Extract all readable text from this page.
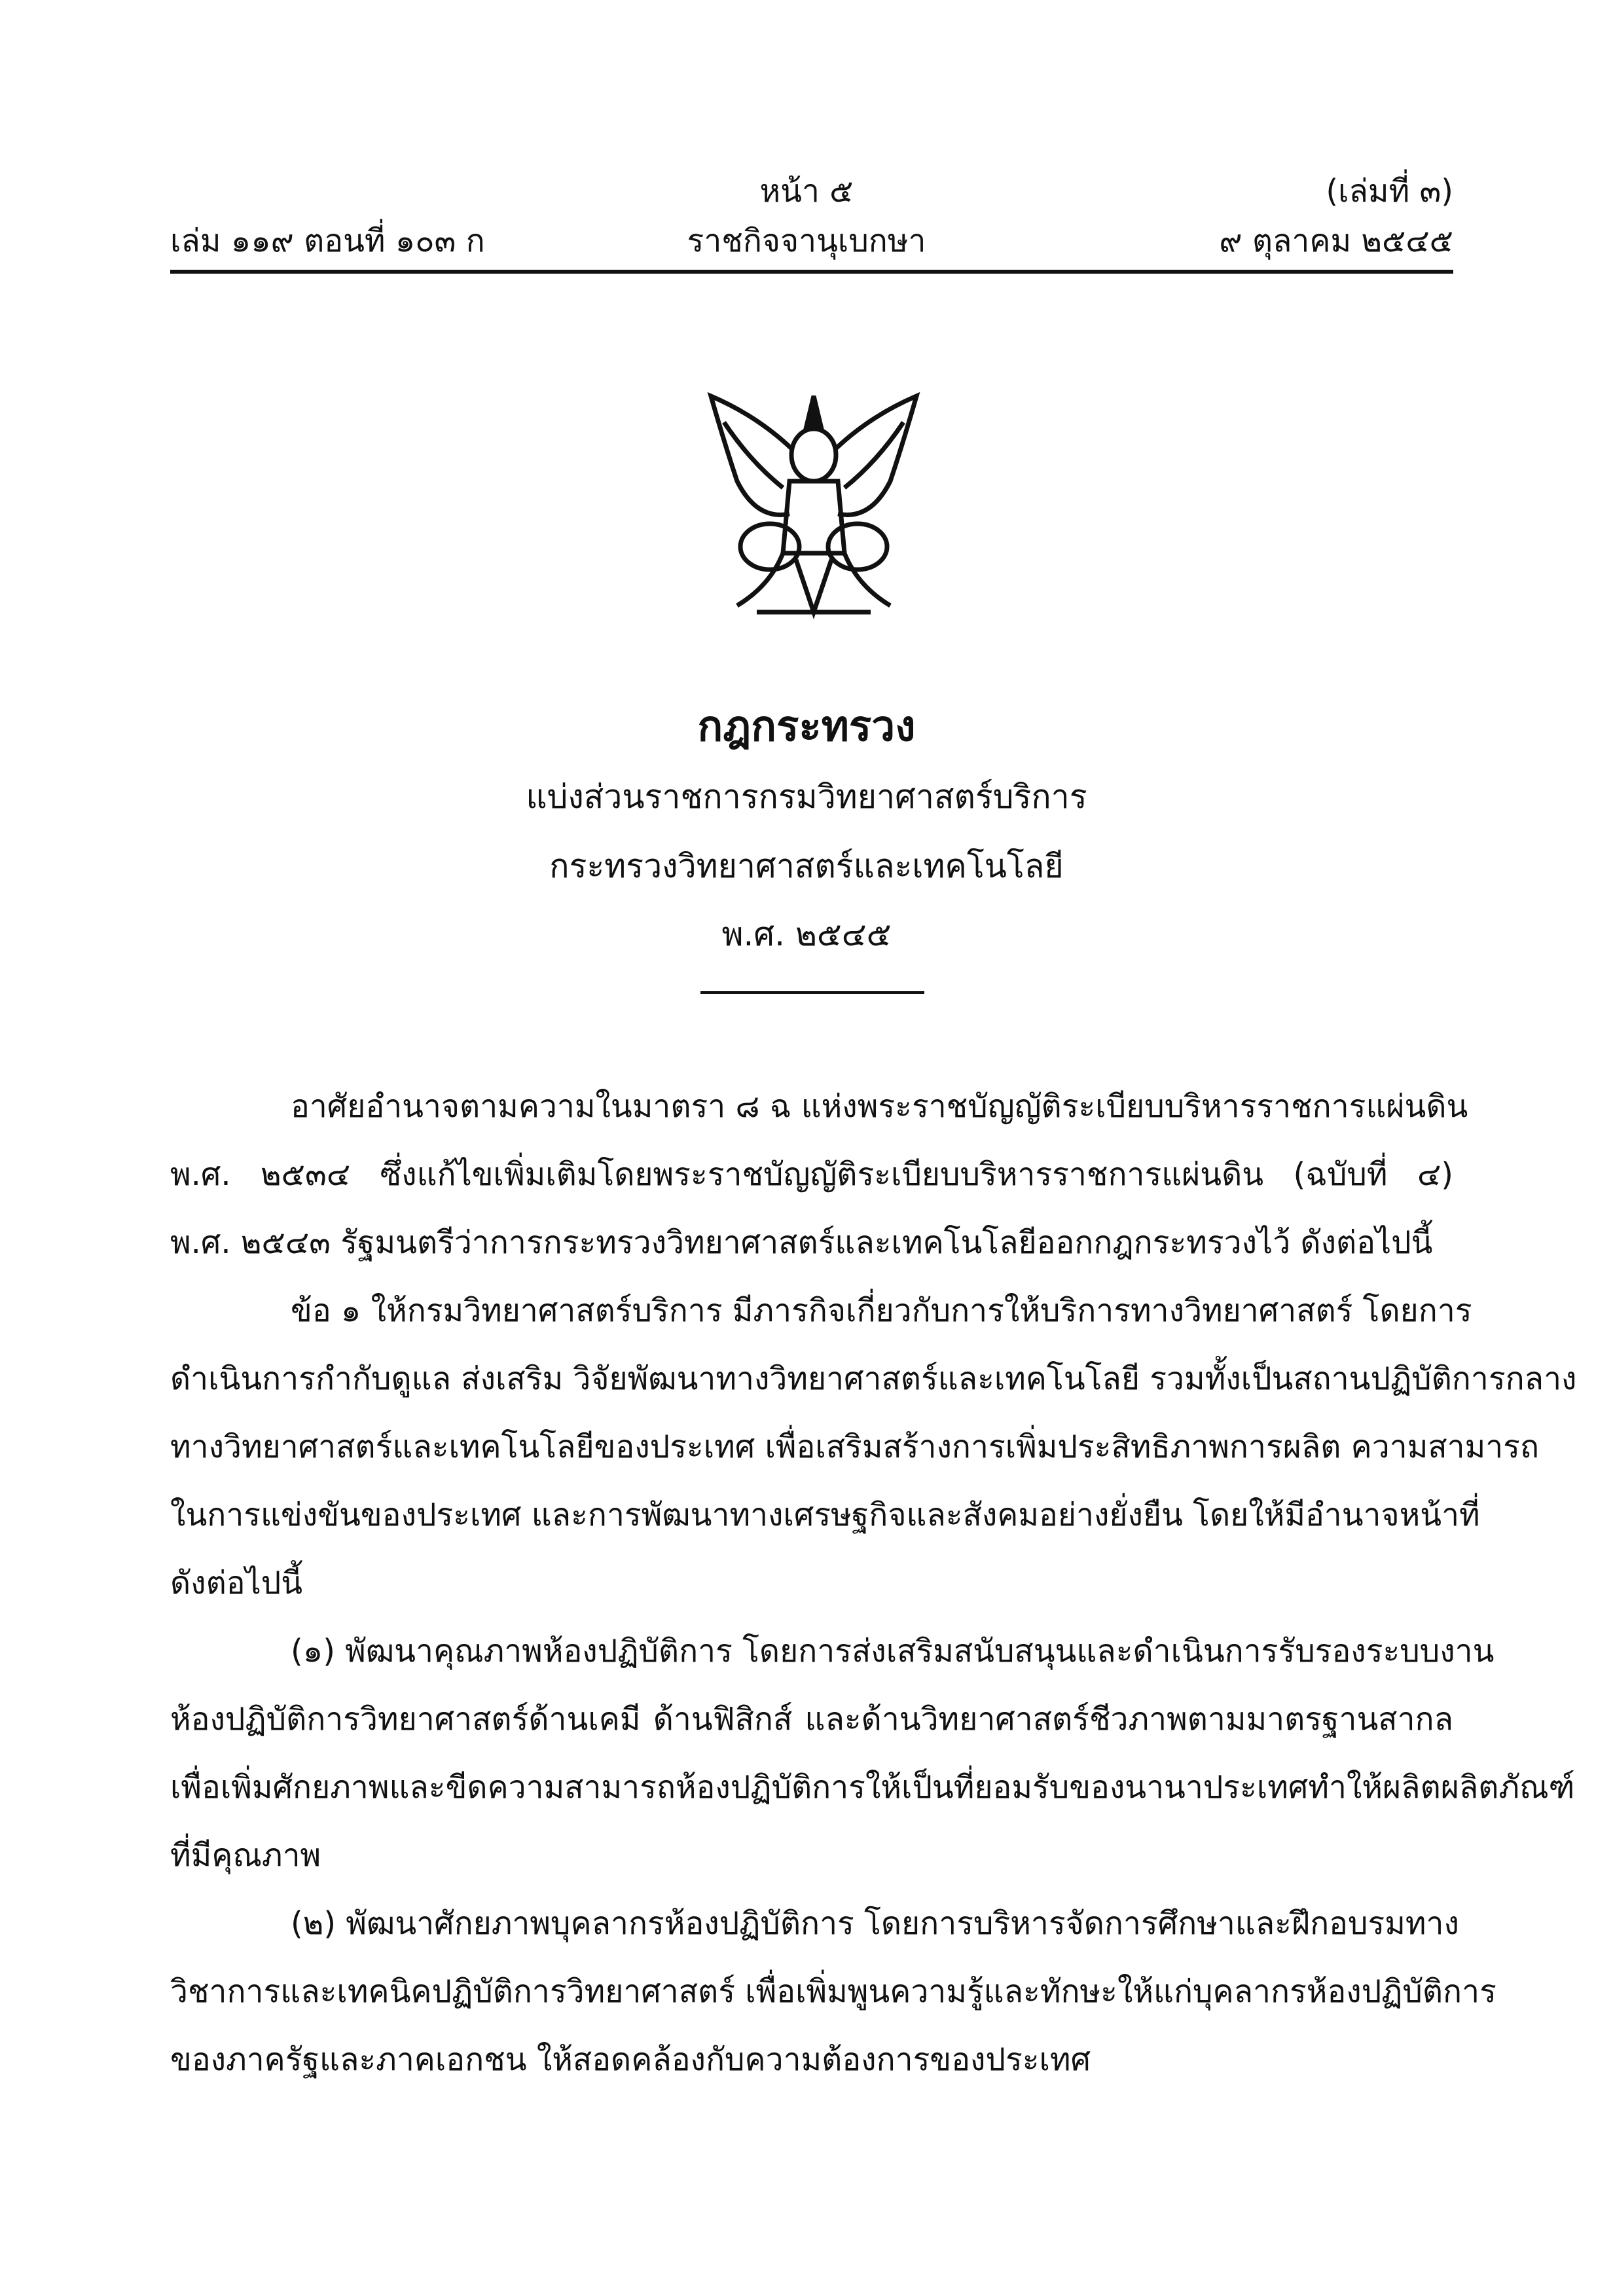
หน้า ๕	(เล่มที่ ๓)
เล่ม ๑๑๙ ตอนที่ ๑๐๓ ก	ราชกิจจานุเบกษา	๙ ตุลาคม ๒๕๔๕
กฎกระทรวง
แบ่งส่วนราชการกรมวิทยาศาสตร์บริการ
กระทรวงวิทยาศาสตร์และเทคโนโลยี
พ.ศ. ๒๕๔๕
อาศัยอำนาจตามความในมาตรา ๘ ฉ แห่งพระราชบัญญัติระเบียบบริหารราชการแผ่นดิน
พ.ศ. ๒๕๓๔ ซึ่งแก้ไขเพิ่มเติมโดยพระราชบัญญัติระเบียบบริหารราชการแผ่นดิน (ฉบับที่ ๔)
พ.ศ. ๒๕๔๓ รัฐมนตรีว่าการกระทรวงวิทยาศาสตร์และเทคโนโลยีออกกฎกระทรวงไว้ ดังต่อไปนี้
ข้อ ๑ ให้กรมวิทยาศาสตร์บริการ มีภารกิจเกี่ยวกับการให้บริการทางวิทยาศาสตร์ โดยการ
ดำเนินการกำกับดูแล ส่งเสริม วิจัยพัฒนาทางวิทยาศาสตร์และเทคโนโลยี รวมทั้งเป็นสถานปฏิบัติการกลาง
ทางวิทยาศาสตร์และเทคโนโลยีของประเทศ เพื่อเสริมสร้างการเพิ่มประสิทธิภาพการผลิต ความสามารถ
ในการแข่งขันของประเทศ และการพัฒนาทางเศรษฐกิจและสังคมอย่างยั่งยืน โดยให้มีอำนาจหน้าที่
ดังต่อไปนี้
(๑) พัฒนาคุณภาพห้องปฏิบัติการ โดยการส่งเสริมสนับสนุนและดำเนินการรับรองระบบงาน
ห้องปฏิบัติการวิทยาศาสตร์ด้านเคมี ด้านฟิสิกส์ และด้านวิทยาศาสตร์ชีวภาพตามมาตรฐานสากล
เพื่อเพิ่มศักยภาพและขีดความสามารถห้องปฏิบัติการให้เป็นที่ยอมรับของนานาประเทศทำให้ผลิตผลิตภัณฑ์
ที่มีคุณภาพ
(๒) พัฒนาศักยภาพบุคลากรห้องปฏิบัติการ โดยการบริหารจัดการศึกษาและฝึกอบรมทาง
วิชาการและเทคนิคปฏิบัติการวิทยาศาสตร์ เพื่อเพิ่มพูนความรู้และทักษะให้แก่บุคลากรห้องปฏิบัติการ
ของภาครัฐและภาคเอกชน ให้สอดคล้องกับความต้องการของประเทศ
